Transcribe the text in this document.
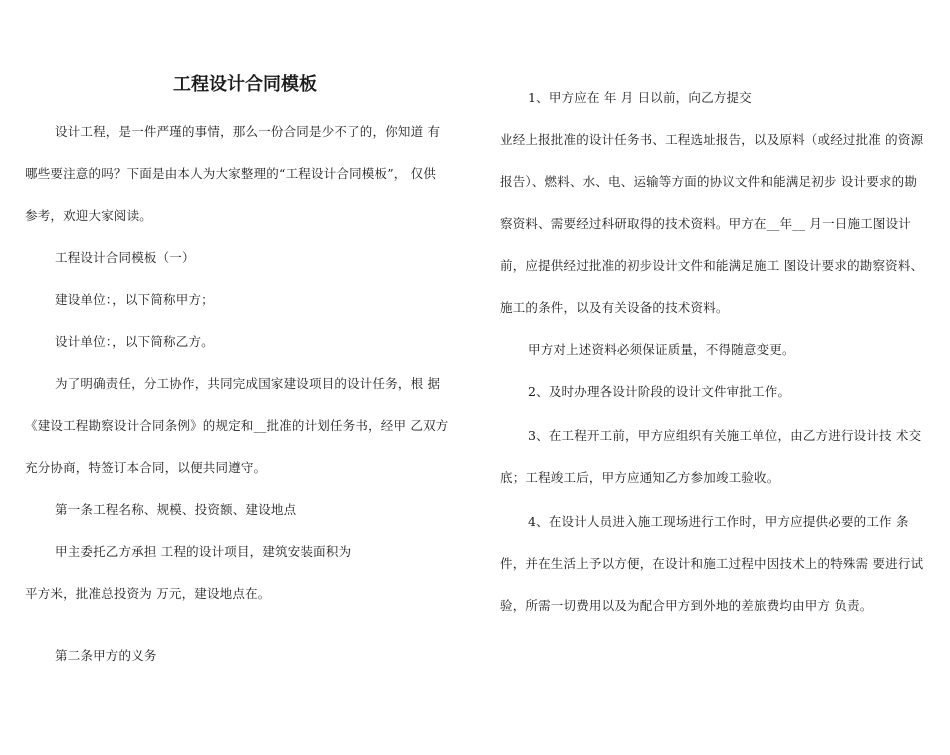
工程设计合同模板
设计工程，是一件严瑾的事情，那么一份合同是少不了的，你知道 有
哪些要注意的吗？下面是由本人为大家整理的“工程设计合同模板”， 仅供
参考，欢迎大家阅读。
工程设计合同模板（一）
建设单位：，以下简称甲方；
设计单位：，以下简称乙方。
为了明确责任，分工协作，共同完成国家建设项目的设计任务，根 据
《建设工程勘察设计合同条例》的规定和__批准的计划任务书，经甲 乙双方
充分协商，特签订本合同，以便共同遵守。
第一条工程名称、规模、投资额、建设地点
甲主委托乙方承担 工程的设计项目，建筑安装面积为
平方米，批准总投资为 万元，建设地点在。
第二条甲方的义务
1、甲方应在 年 月 日以前，向乙方提交
业经上报批准的设计任务书、工程选址报告，以及原料（或经过批准 的资源
报告）、燃料、水、电、运输等方面的协议文件和能满足初步 设计要求的勘
察资料、需要经过科研取得的技术资料。甲方在__年__ 月一日施工图设计
前，应提供经过批准的初步设计文件和能满足施工 图设计要求的勘察资料、
施工的条件，以及有关设备的技术资料。
甲方对上述资料必须保证质量，不得随意变更。
2、及时办理各设计阶段的设计文件审批工作。
3、在工程开工前，甲方应组织有关施工单位，由乙方进行设计技 术交
底；工程竣工后，甲方应通知乙方参加竣工验收。
4、在设计人员进入施工现场进行工作时，甲方应提供必要的工作 条
件，并在生活上予以方便，在设计和施工过程中因技术上的特殊需 要进行试
验，所需一切费用以及为配合甲方到外地的差旅费均由甲方 负责。
